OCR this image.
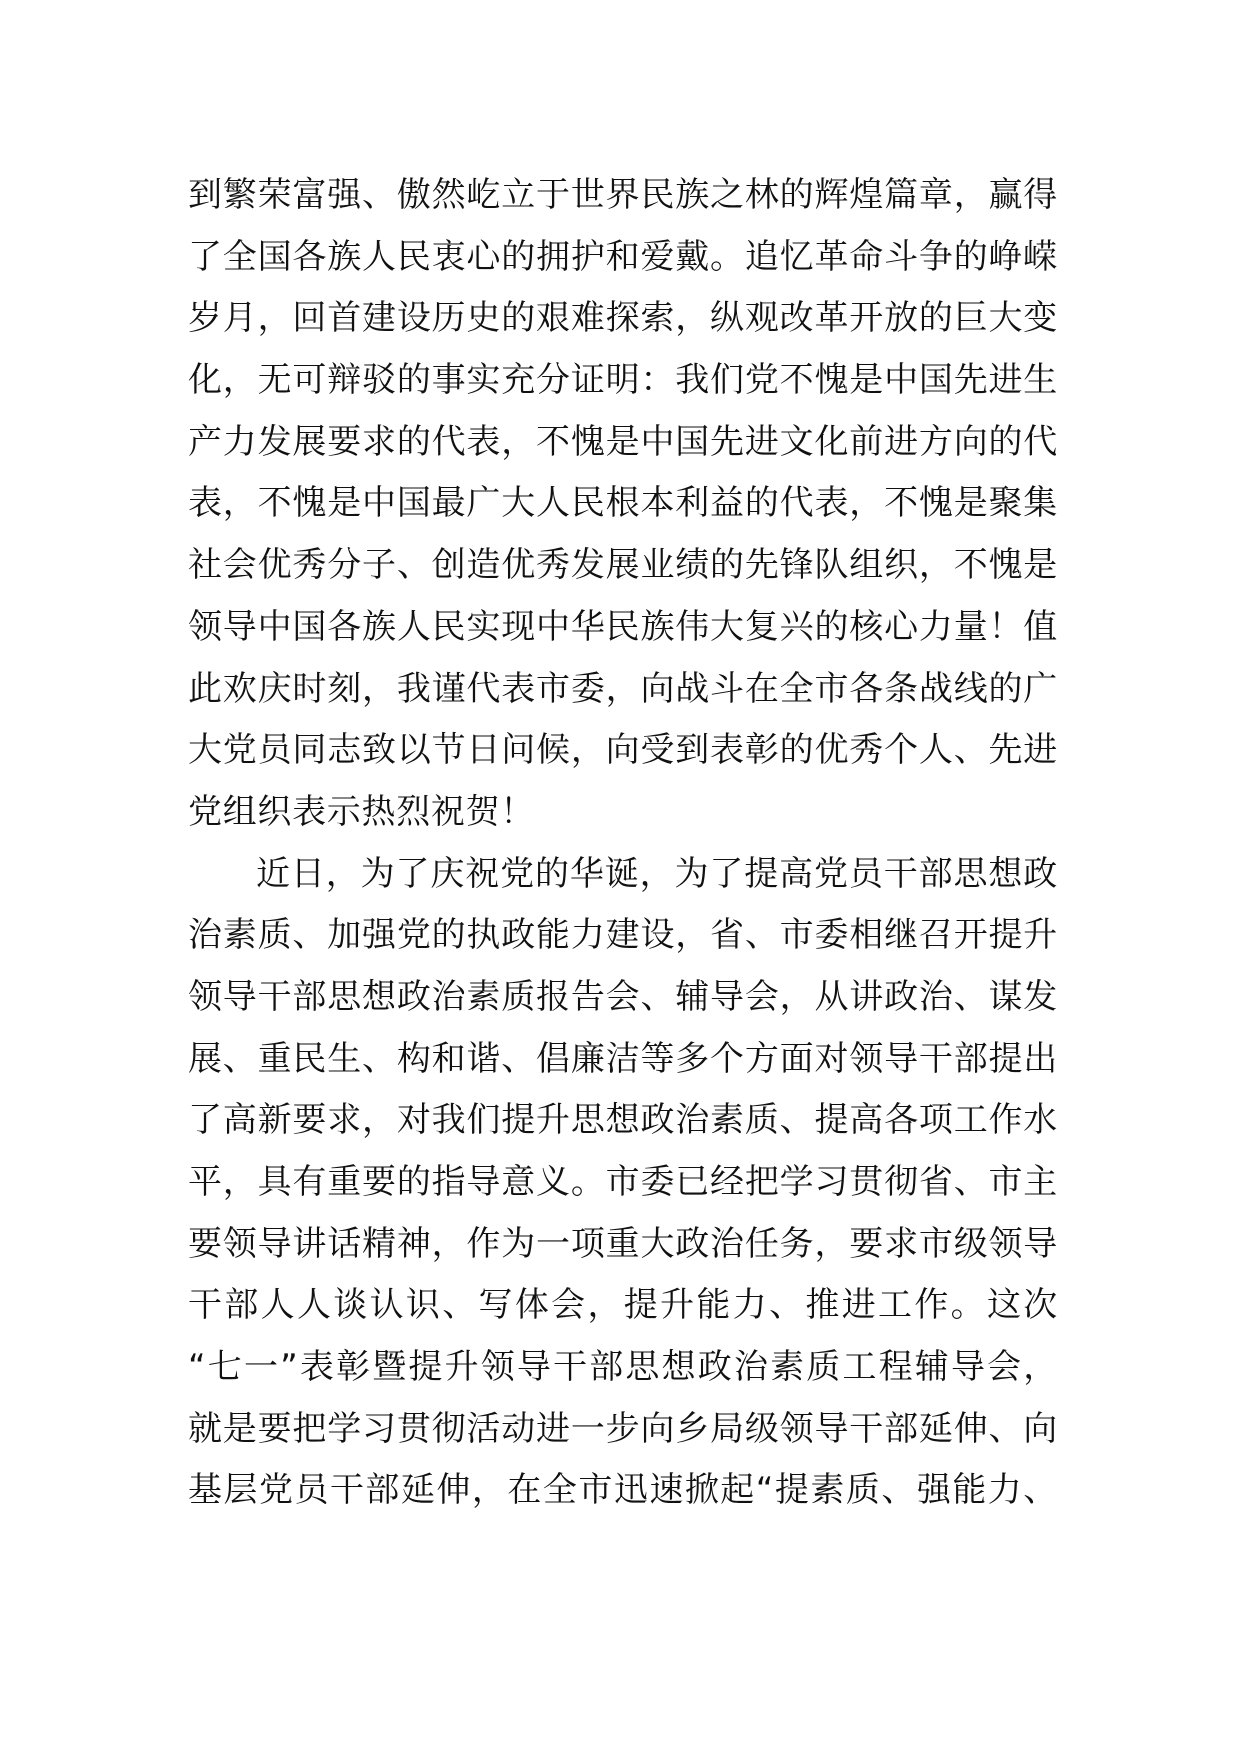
到繁荣富强、傲然屹立于世界民族之林的辉煌篇章，赢得
了全国各族人民衷心的拥护和爱戴。追忆革命斗争的峥嵘
岁月，回首建设历史的艰难探索，纵观改革开放的巨大变
化，无可辩驳的事实充分证明：我们党不愧是中国先进生
产力发展要求的代表，不愧是中国先进文化前进方向的代
表，不愧是中国最广大人民根本利益的代表，不愧是聚集
社会优秀分子、创造优秀发展业绩的先锋队组织，不愧是
领导中国各族人民实现中华民族伟大复兴的核心力量！值
此欢庆时刻，我谨代表市委，向战斗在全市各条战线的广
大党员同志致以节日问候，向受到表彰的优秀个人、先进
党组织表示热烈祝贺！
近日，为了庆祝党的华诞，为了提高党员干部思想政
治素质、加强党的执政能力建设，省、市委相继召开提升
领导干部思想政治素质报告会、辅导会，从讲政治、谋发
展、重民生、构和谐、倡廉洁等多个方面对领导干部提出
了高新要求，对我们提升思想政治素质、提高各项工作水
平，具有重要的指导意义。市委已经把学习贯彻省、市主
要领导讲话精神，作为一项重大政治任务，要求市级领导
干部人人谈认识、写体会，提升能力、推进工作。这次
“七一”表彰暨提升领导干部思想政治素质工程辅导会，
就是要把学习贯彻活动进一步向乡局级领导干部延伸、向
基层党员干部延伸，在全市迅速掀起“提素质、强能力、
